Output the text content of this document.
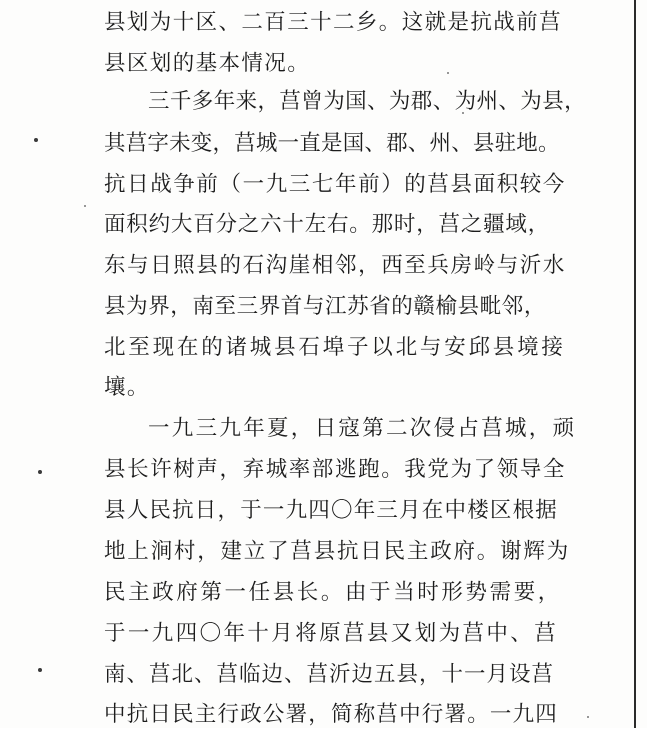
县划为十区、二百三十二乡。这就是抗战前莒
县区划的基本情况。
三千多年来，莒曾为国、为郡、为州、为县，
其莒字未变，莒城一直是国、郡、州、县驻地。
抗日战争前（一九三七年前）的莒县面积较今
面积约大百分之六十左右。那时，莒之疆域，
东与日照县的石沟崖相邻，西至兵房岭与沂水
县为界，南至三界首与江苏省的赣榆县毗邻，
北至现在的诸城县石埠子以北与安邱县境接
壤。
一九三九年夏，日寇第二次侵占莒城，顽
县长许树声，弃城率部逃跑。我党为了领导全
县人民抗日，于一九四〇年三月在中楼区根据
地上涧村，建立了莒县抗日民主政府。谢辉为
民主政府第一任县长。由于当时形势需要，
于一九四〇年十月将原莒县又划为莒中、莒
南、莒北、莒临边、莒沂边五县，十一月设莒
中抗日民主行政公署，简称莒中行署。一九四
